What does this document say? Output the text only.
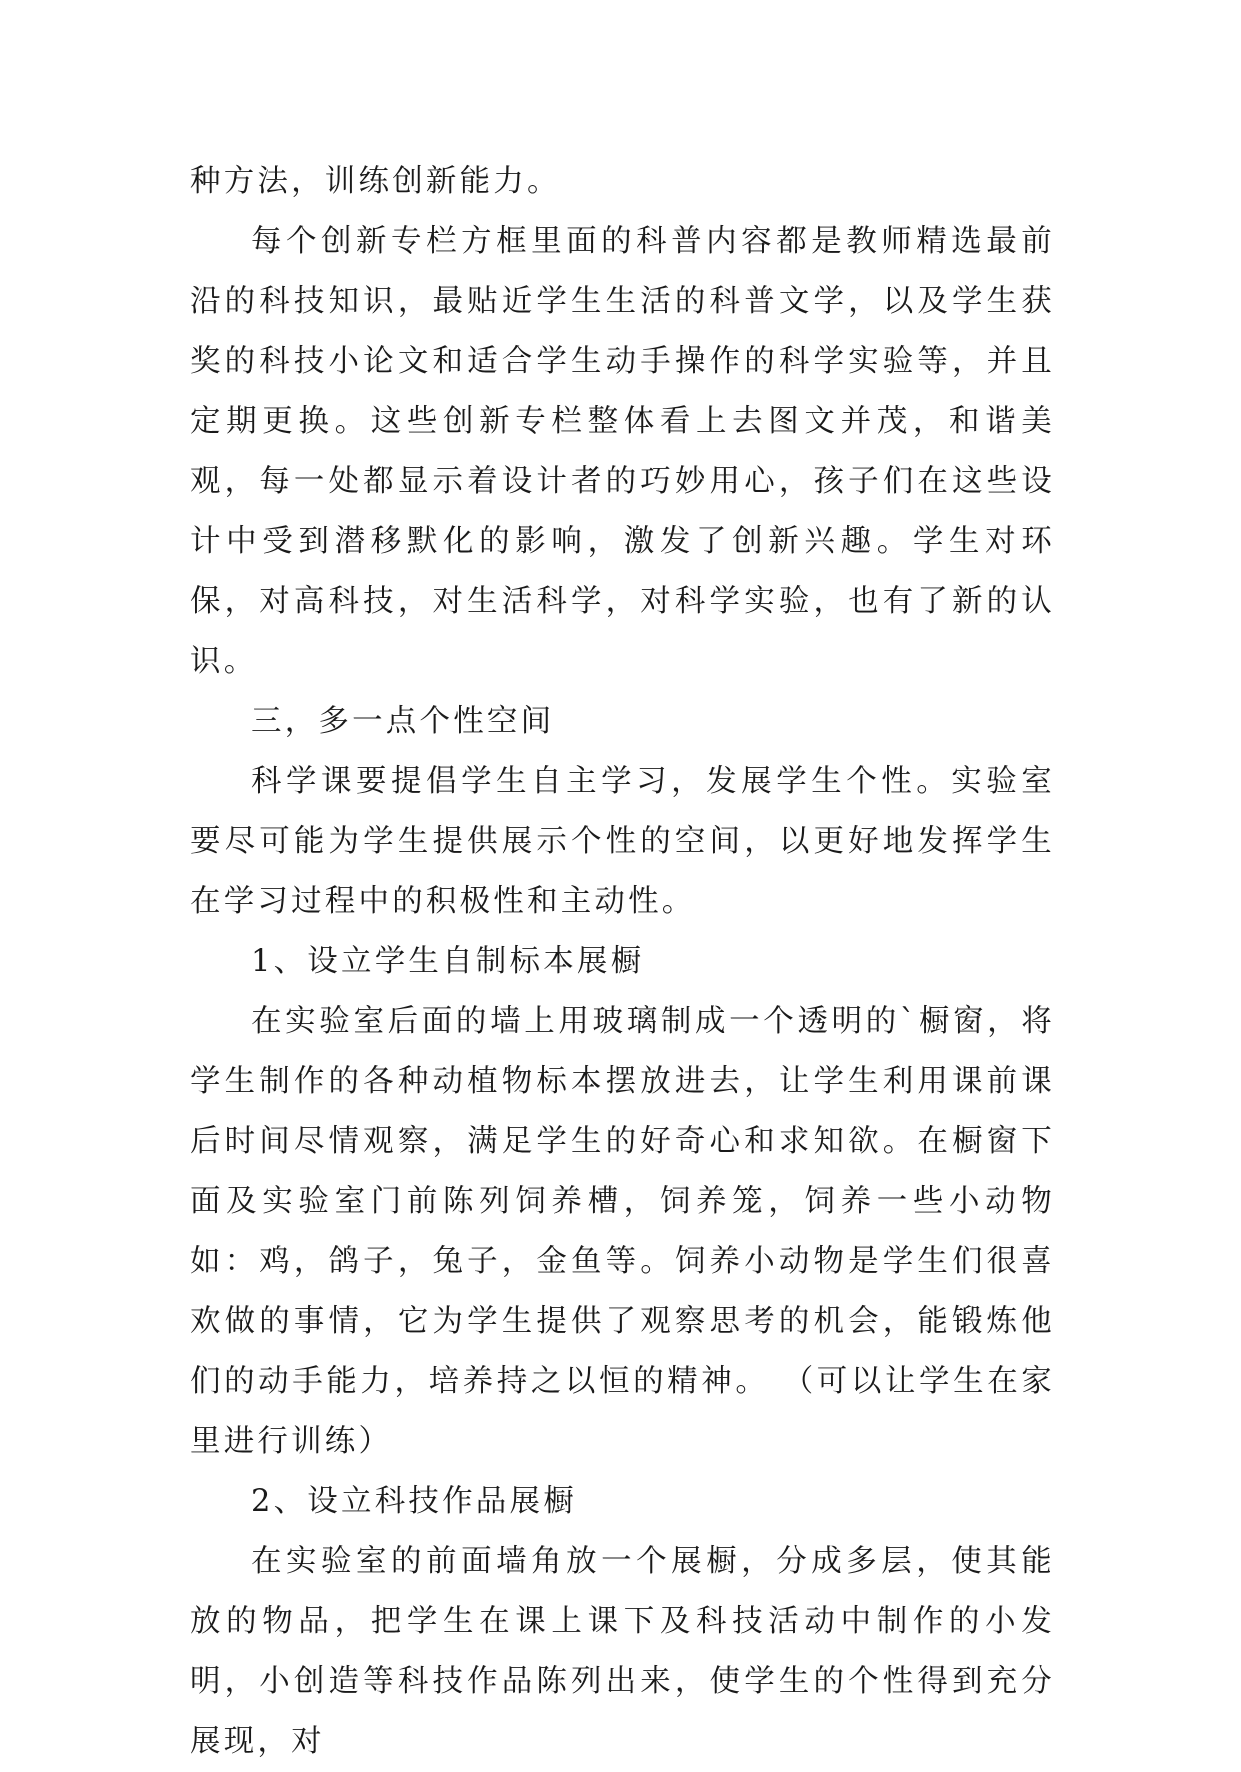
种方法，训练创新能力。

每个创新专栏方框里面的科普内容都是教师精选最前沿的科技知识，最贴近学生生活的科普文学，以及学生获奖的科技小论文和适合学生动手操作的科学实验等，并且定期更换。这些创新专栏整体看上去图文并茂，和谐美观，每一处都显示着设计者的巧妙用心，孩子们在这些设计中受到潜移默化的影响，激发了创新兴趣。学生对环保，对高科技，对生活科学，对科学实验，也有了新的认识。

三，多一点个性空间

科学课要提倡学生自主学习，发展学生个性。实验室要尽可能为学生提供展示个性的空间，以更好地发挥学生在学习过程中的积极性和主动性。

1、设立学生自制标本展橱

在实验室后面的墙上用玻璃制成一个透明的`橱窗，将学生制作的各种动植物标本摆放进去，让学生利用课前课后时间尽情观察，满足学生的好奇心和求知欲。在橱窗下面及实验室门前陈列饲养槽，饲养笼，饲养一些小动物如：鸡，鸽子，兔子，金鱼等。饲养小动物是学生们很喜欢做的事情，它为学生提供了观察思考的机会，能锻炼他们的动手能力，培养持之以恒的精神。 （可以让学生在家里进行训练）

2、设立科技作品展橱

在实验室的前面墙角放一个展橱，分成多层，使其能放的物品，把学生在课上课下及科技活动中制作的小发明，小创造等科技作品陈列出来，使学生的个性得到充分展现，对
